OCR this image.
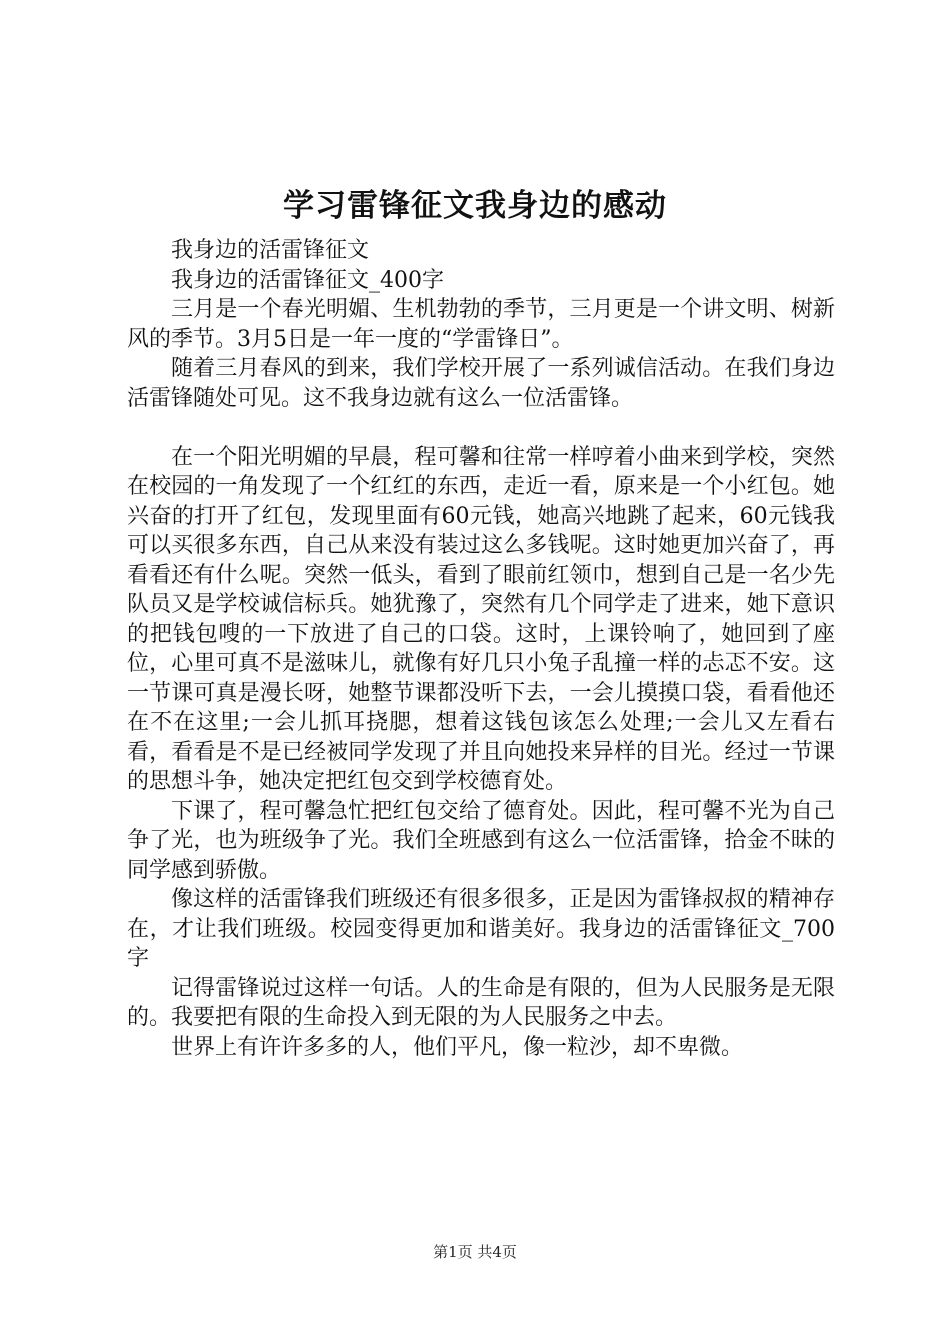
学习雷锋征文我身边的感动

我身边的活雷锋征文

我身边的活雷锋征文_400字

三月是一个春光明媚、生机勃勃的季节，三月更是一个讲文明、树新风的季节。3月5日是一年一度的“学雷锋日”。

随着三月春风的到来，我们学校开展了一系列诚信活动。在我们身边活雷锋随处可见。这不我身边就有这么一位活雷锋。

在一个阳光明媚的早晨，程可馨和往常一样哼着小曲来到学校，突然在校园的一角发现了一个红红的东西，走近一看，原来是一个小红包。她兴奋的打开了红包，发现里面有60元钱，她高兴地跳了起来，60元钱我可以买很多东西，自己从来没有装过这么多钱呢。这时她更加兴奋了，再看看还有什么呢。突然一低头，看到了眼前红领巾，想到自己是一名少先队员又是学校诚信标兵。她犹豫了，突然有几个同学走了进来，她下意识的把钱包嗖的一下放进了自己的口袋。这时，上课铃响了，她回到了座位，心里可真不是滋味儿，就像有好几只小兔子乱撞一样的忐忑不安。这一节课可真是漫长呀，她整节课都没听下去，一会儿摸摸口袋，看看他还在不在这里;一会儿抓耳挠腮，想着这钱包该怎么处理;一会儿又左看右看，看看是不是已经被同学发现了并且向她投来异样的目光。经过一节课的思想斗争，她决定把红包交到学校德育处。

下课了，程可馨急忙把红包交给了德育处。因此，程可馨不光为自己争了光，也为班级争了光。我们全班感到有这么一位活雷锋，拾金不昧的同学感到骄傲。

像这样的活雷锋我们班级还有很多很多，正是因为雷锋叔叔的精神存在，才让我们班级。校园变得更加和谐美好。我身边的活雷锋征文_700字

记得雷锋说过这样一句话。人的生命是有限的，但为人民服务是无限的。我要把有限的生命投入到无限的为人民服务之中去。

世界上有许许多多的人，他们平凡，像一粒沙，却不卑微。

第1页 共4页
